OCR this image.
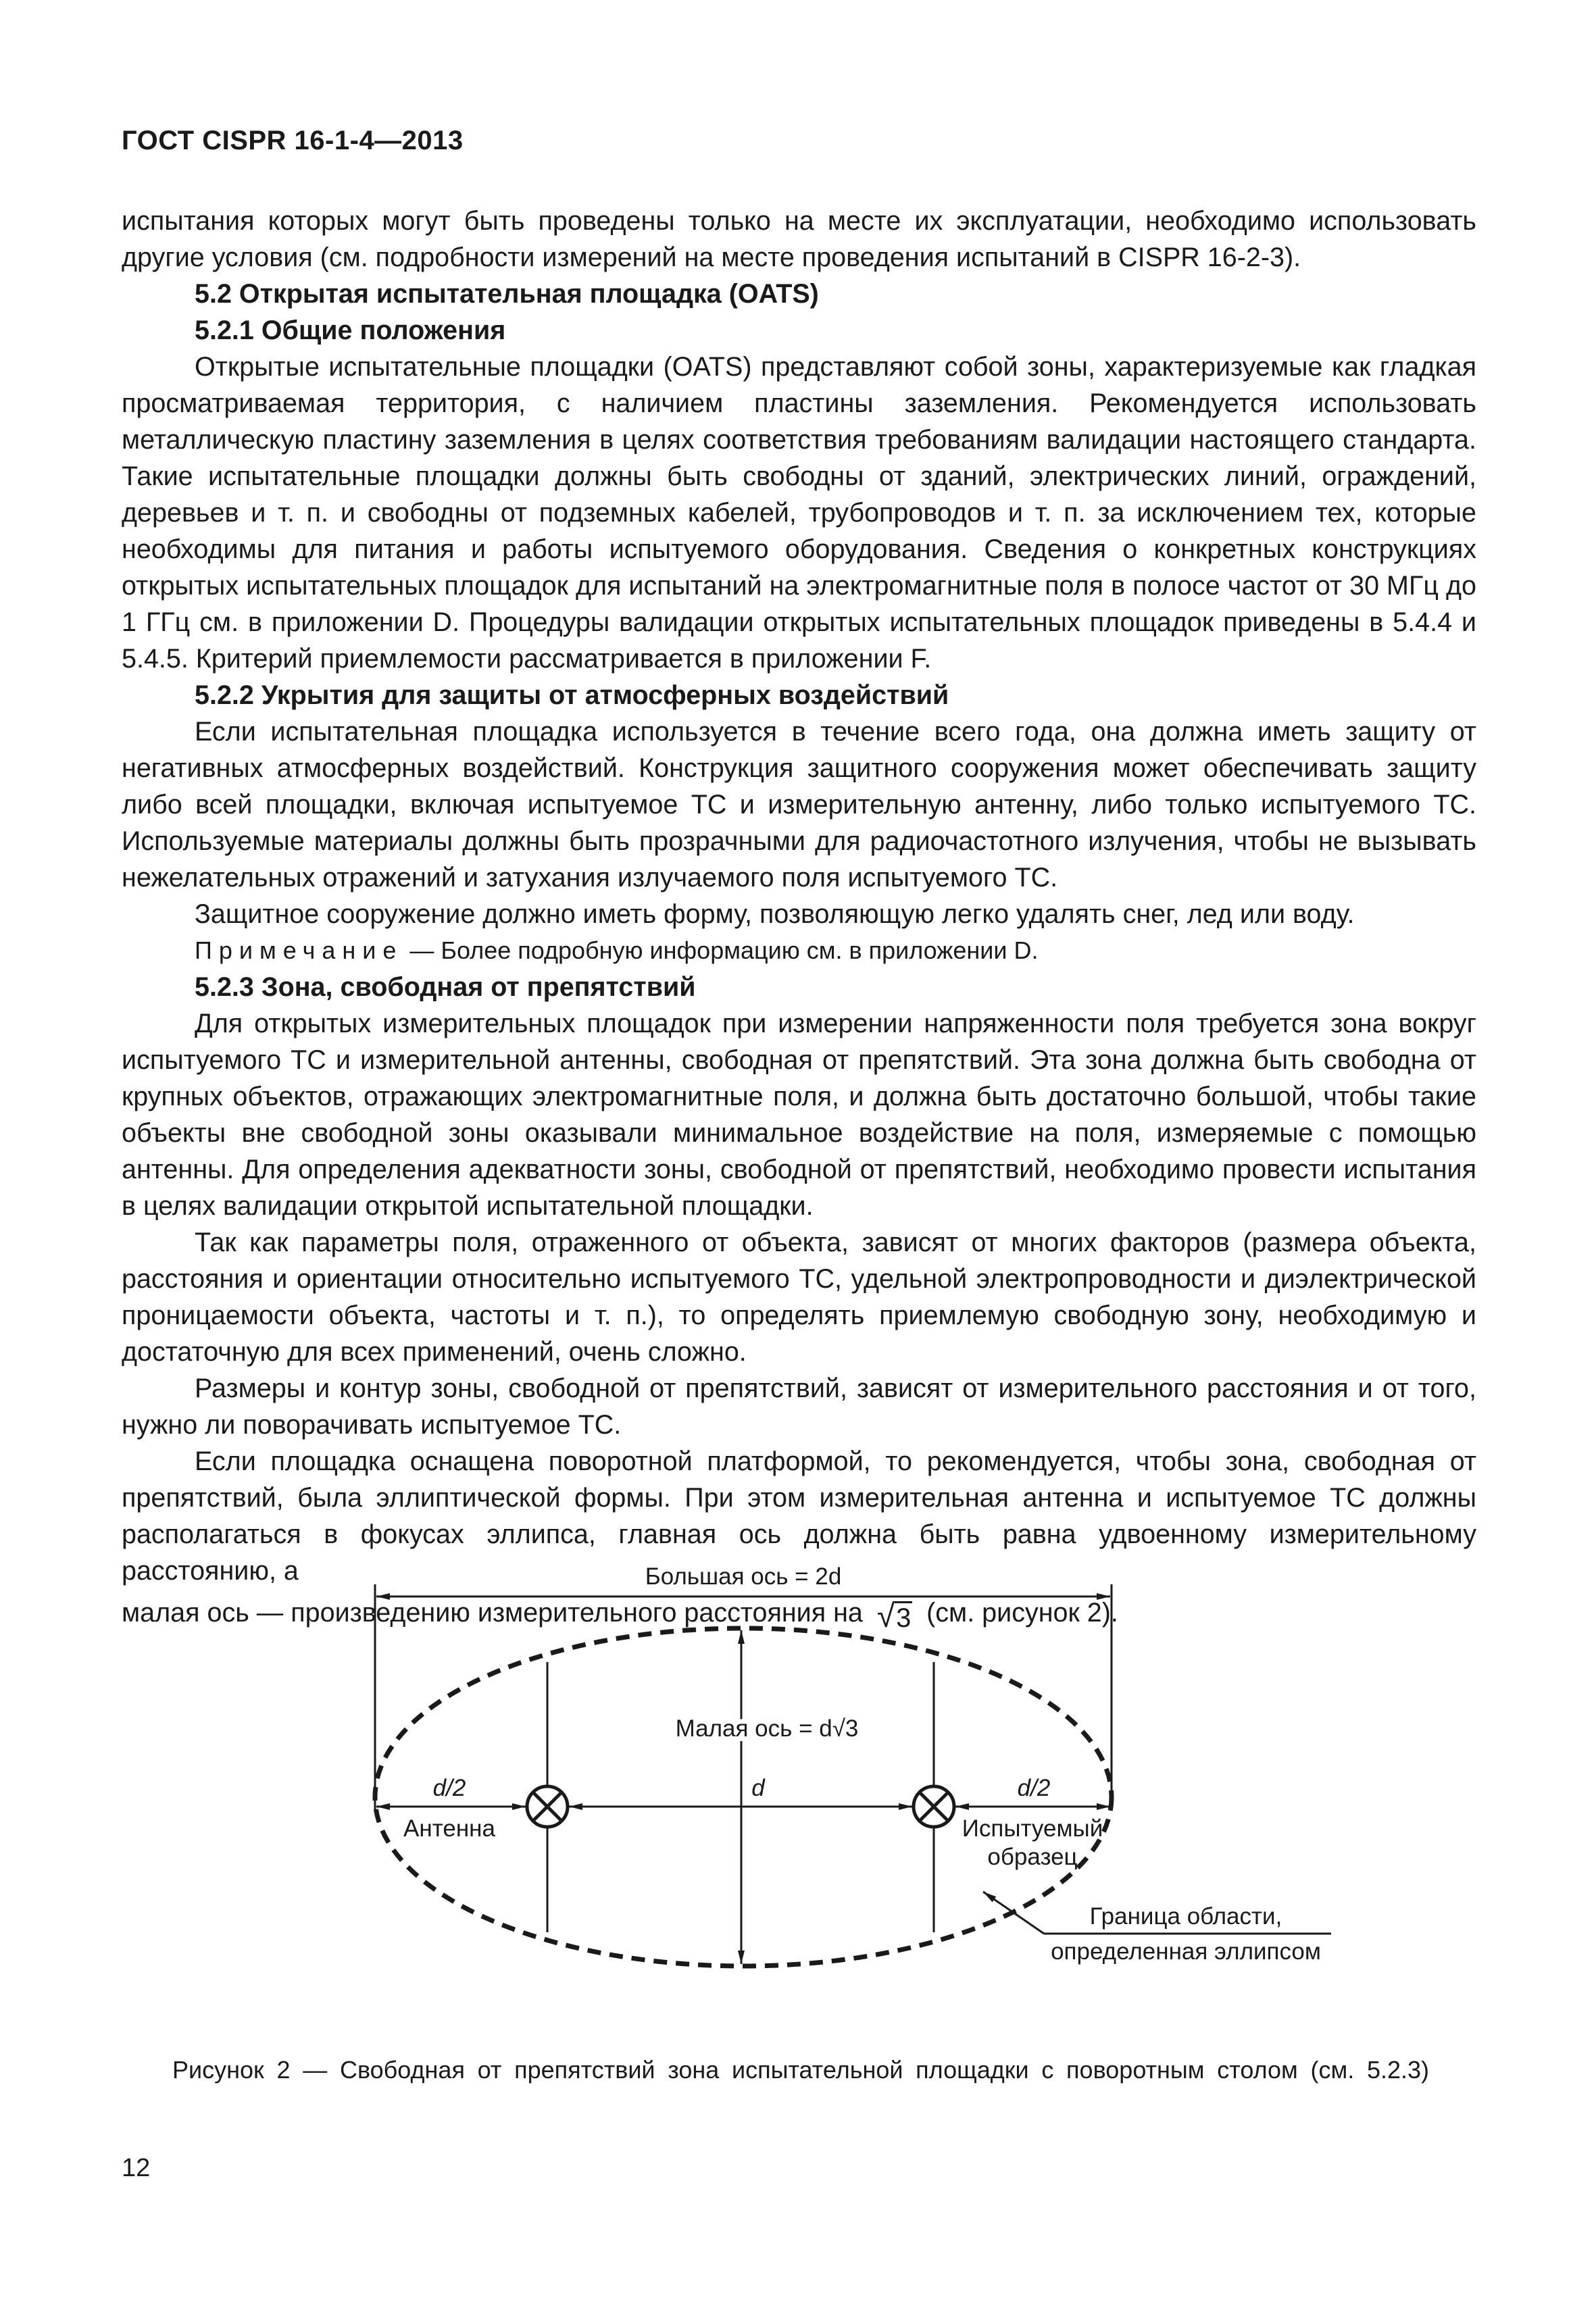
ГОСТ CISPR 16-1-4—2013

испытания которых могут быть проведены только на месте их эксплуатации, необходимо использовать другие условия (см. подробности измерений на месте проведения испытаний в CISPR 16-2-3).

5.2 Открытая испытательная площадка (OATS)

5.2.1 Общие положения

Открытые испытательные площадки (OATS) представляют собой зоны, характеризуемые как гладкая просматриваемая территория, с наличием пластины заземления. Рекомендуется использовать металлическую пластину заземления в целях соответствия требованиям валидации настоящего стандарта. Такие испытательные площадки должны быть свободны от зданий, электрических линий, ограждений, деревьев и т. п. и свободны от подземных кабелей, трубопроводов и т. п. за исключением тех, которые необходимы для питания и работы испытуемого оборудования. Сведения о конкретных конструкциях открытых испытательных площадок для испытаний на электромагнитные поля в полосе частот от 30 МГц до 1 ГГц см. в приложении D. Процедуры валидации открытых испытательных площадок приведены в 5.4.4 и 5.4.5. Критерий приемлемости рассматривается в приложении F.

5.2.2 Укрытия для защиты от атмосферных воздействий

Если испытательная площадка используется в течение всего года, она должна иметь защиту от негативных атмосферных воздействий. Конструкция защитного сооружения может обеспечивать защиту либо всей площадки, включая испытуемое ТС и измерительную антенну, либо только испытуемого ТС. Используемые материалы должны быть прозрачными для радиочастотного излучения, чтобы не вызывать нежелательных отражений и затухания излучаемого поля испытуемого ТС.

Защитное сооружение должно иметь форму, позволяющую легко удалять снег, лед или воду.

Примечание — Более подробную информацию см. в приложении D.

5.2.3 Зона, свободная от препятствий

Для открытых измерительных площадок при измерении напряженности поля требуется зона вокруг испытуемого ТС и измерительной антенны, свободная от препятствий. Эта зона должна быть свободна от крупных объектов, отражающих электромагнитные поля, и должна быть достаточно большой, чтобы такие объекты вне свободной зоны оказывали минимальное воздействие на поля, измеряемые с помощью антенны. Для определения адекватности зоны, свободной от препятствий, необходимо провести испытания в целях валидации открытой испытательной площадки.

Так как параметры поля, отраженного от объекта, зависят от многих факторов (размера объекта, расстояния и ориентации относительно испытуемого ТС, удельной электропроводности и диэлектрической проницаемости объекта, частоты и т. п.), то определять приемлемую свободную зону, необходимую и достаточную для всех применений, очень сложно.

Размеры и контур зоны, свободной от препятствий, зависят от измерительного расстояния и от того, нужно ли поворачивать испытуемое ТС.

Если площадка оснащена поворотной платформой, то рекомендуется, чтобы зона, свободная от препятствий, была эллиптической формы. При этом измерительная антенна и испытуемое ТС должны располагаться в фокусах эллипса, главная ось должна быть равна удвоенному измерительному расстоянию, а

малая ось — произведению измерительного расстояния на √3 (см. рисунок 2).

Большая ось = 2d
Малая ось = d√3
d/2	d	d/2
Антенна	Испытуемый
образец
Граница области,
определенная эллипсом
Рисунок 2 — Свободная от препятствий зона испытательной площадки с поворотным столом (см. 5.2.3)
12
